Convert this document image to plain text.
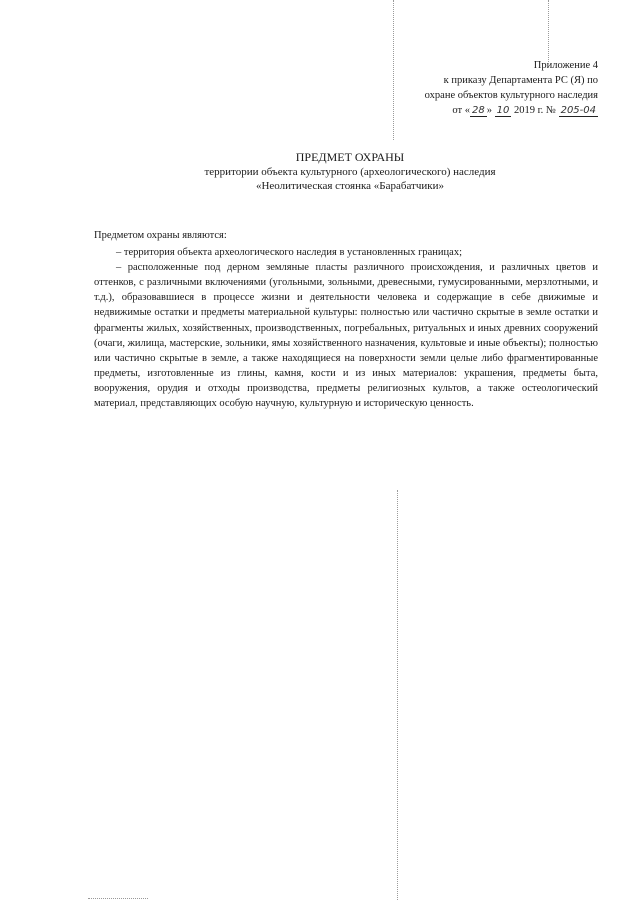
Приложение 4
к приказу Департамента РС (Я) по
охране объектов культурного наследия
от « 28 » 10 2019 г. № 205-04
ПРЕДМЕТ ОХРАНЫ
территории объекта культурного (археологического) наследия
«Неолитическая стоянка «Барабатчики»

Предметом охраны являются:

– территория объекта археологического наследия в установленных границах;

– расположенные под дерном земляные пласты различного происхождения, и различных цветов и оттенков, с различными включениями (угольными, зольными, древесными, гумусированными, мерзлотными, и т.д.), образовавшиеся в процессе жизни и деятельности человека и содержащие в себе движимые и недвижимые остатки и предметы материальной культуры: полностью или частично скрытые в земле остатки и фрагменты жилых, хозяйственных, производственных, погребальных, ритуальных и иных древних сооружений (очаги, жилища, мастерские, зольники, ямы хозяйственного назначения, культовые и иные объекты); полностью или частично скрытые в земле, а также находящиеся на поверхности земли целые либо фрагментированные предметы, изготовленные из глины, камня, кости и из иных материалов: украшения, предметы быта, вооружения, орудия и отходы производства, предметы религиозных культов, а также остеологический материал, представляющих особую научную, культурную и историческую ценность.
